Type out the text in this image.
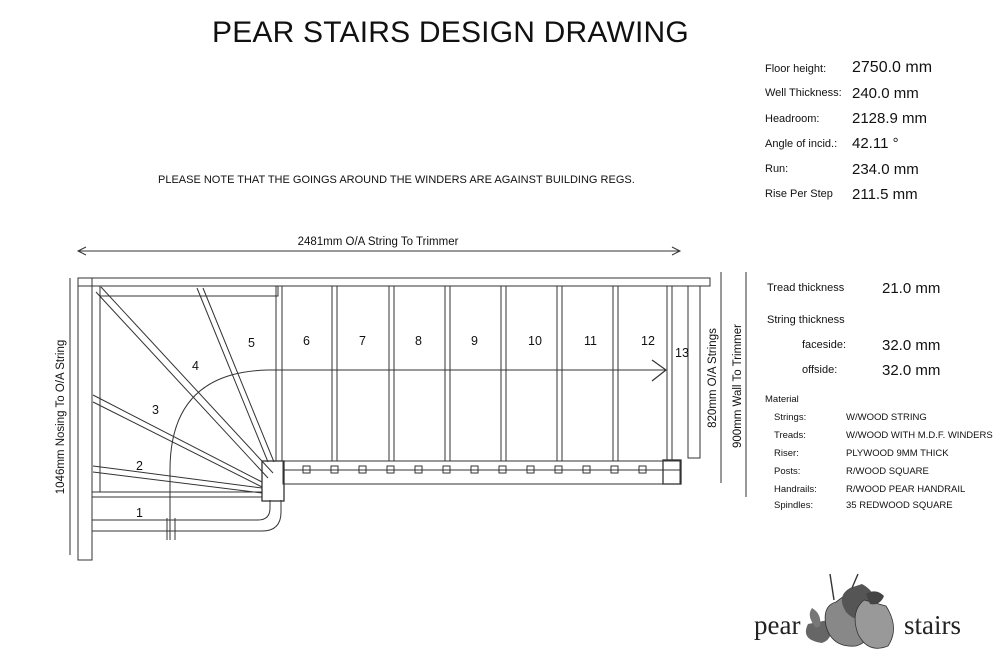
PEAR STAIRS DESIGN DRAWING
PLEASE NOTE THAT THE GOINGS AROUND THE WINDERS ARE AGAINST BUILDING REGS.
Floor height: 2750.0 mm
Well Thickness: 240.0 mm
Headroom: 2128.9 mm
Angle of incid.: 42.11 °
Run:	234.0 mm
Rise Per Step 211.5 mm
Tread thickness	21.0 mm
String thickness
faceside: 32.0 mm
offside:	32.0 mm
Material
Strings:	W/WOOD STRING
Treads:	W/WOOD WITH M.D.F. WINDERS
Riser:	PLYWOOD 9MM THICK
Posts:	R/WOOD SQUARE
Handrails:	R/WOOD PEAR HANDRAIL
Spindles:	35 REDWOOD SQUARE
2481mm O/A String To Trimmer
1046mm Nosing To O/A String	820mm O/A Strings 900mm Wall To Trimmer
1
2
3
4
5	6	7	8	9	10	11	12
13
pear	stairs
